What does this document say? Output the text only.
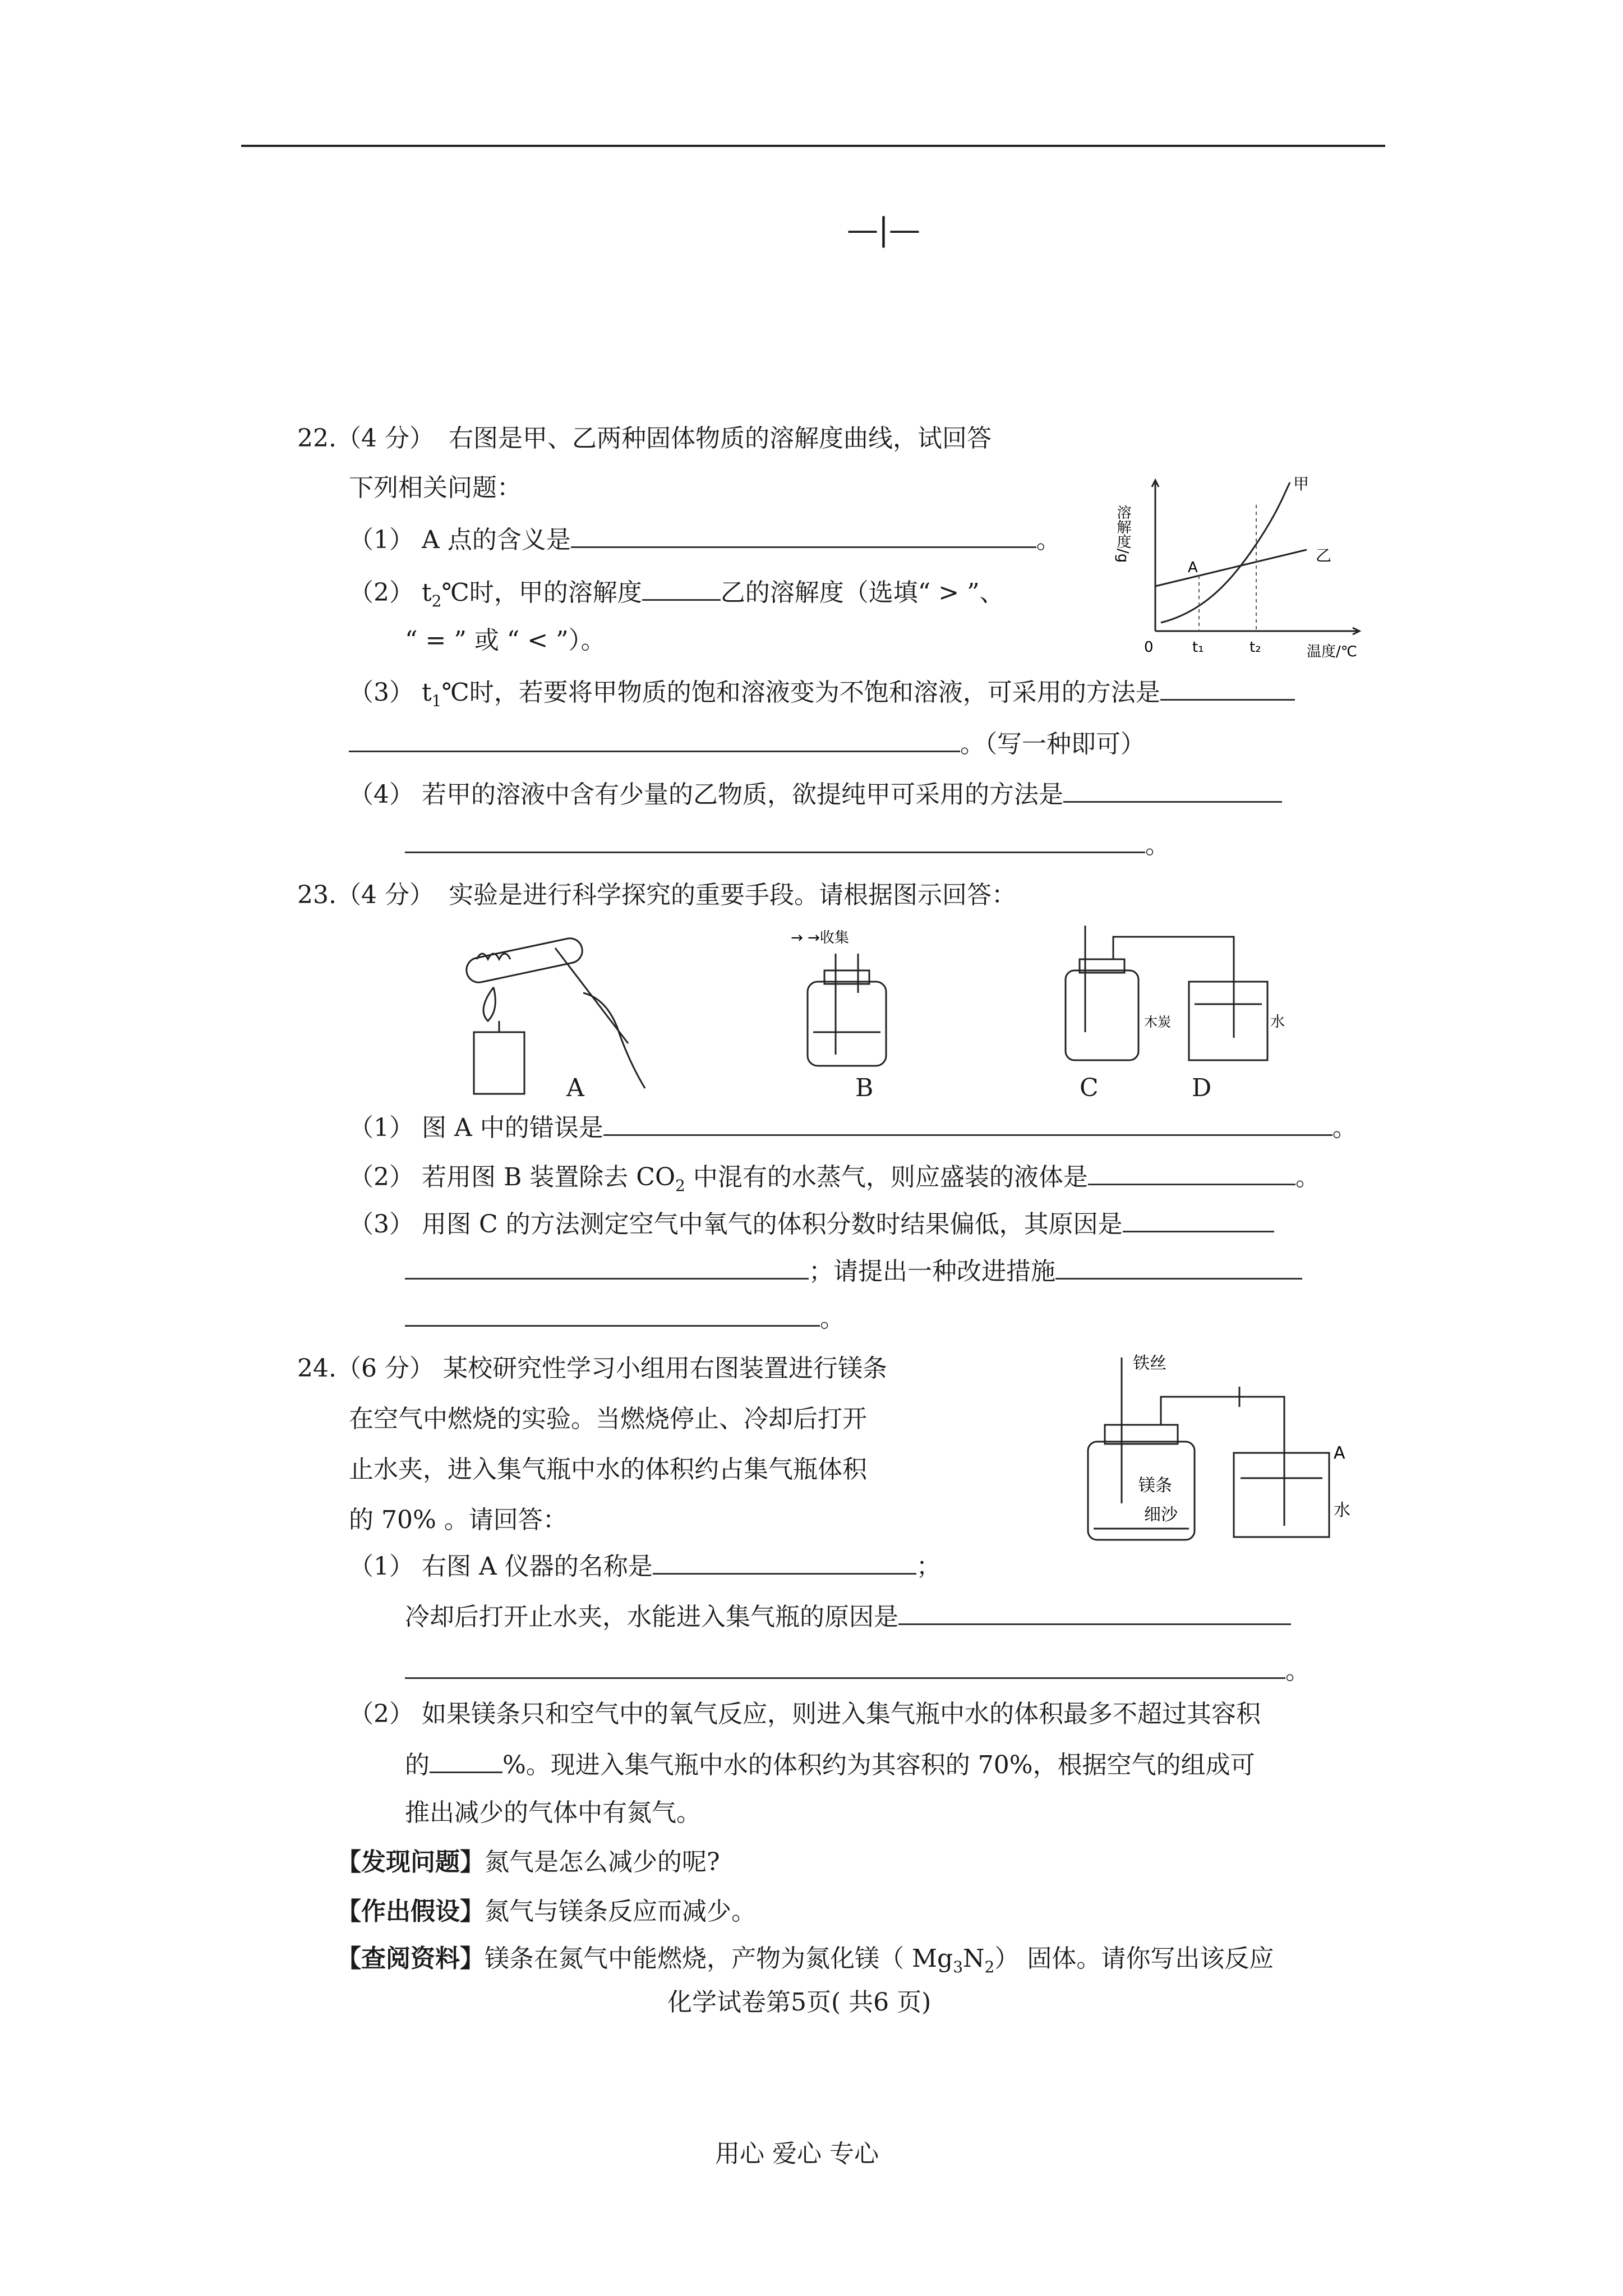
—|—
22. （4 分） 右图是甲、乙两种固体物质的溶解度曲线，试回答
下列相关问题：
（1） A 点的含义是	。
（2） $t_2℃$时，甲的溶解度	乙的溶解度（选填“ > ”、
“ = ” 或 “ < ”）。
（3） $t_1℃$时，若要将甲物质的饱和溶液变为不饱和溶液，可采用的方法是
。（写一种即可）
（4） 若甲的溶液中含有少量的乙物质，欲提纯甲可采用的方法是
。
溶解度/g
温度/℃
0	t₁	t₂
甲
乙
A
23. （4 分） 实验是进行科学探究的重要手段。请根据图示回答：
A
→ →收集
B
木炭	水
C	D
（1） 图 A 中的错误是	。
（2） 若用图 B 装置除去 $CO_2$ 中混有的水蒸气，则应盛装的液体是	。
（3） 用图 C 的方法测定空气中氧气的体积分数时结果偏低，其原因是
；请提出一种改进措施
。
24. （6 分） 某校研究性学习小组用右图装置进行镁条
在空气中燃烧的实验。当燃烧停止、冷却后打开
止水夹，进入集气瓶中水的体积约占集气瓶体积
的 70% 。请回答：
铁丝
镁条
细沙
A
水
（1） 右图 A 仪器的名称是	；
冷却后打开止水夹，水能进入集气瓶的原因是
。
（2） 如果镁条只和空气中的氧气反应，则进入集气瓶中水的体积最多不超过其容积
的	%。现进入集气瓶中水的体积约为其容积的 70%，根据空气的组成可
推出减少的气体中有氮气。
【发现问题】氮气是怎么减少的呢?
【作出假设】氮气与镁条反应而减少。
【查阅资料】镁条在氮气中能燃烧，产物为氮化镁（ $Mg_3N_2$） 固体。请你写出该反应
化学试卷第5页( 共6 页)
用心 爱心 专心
